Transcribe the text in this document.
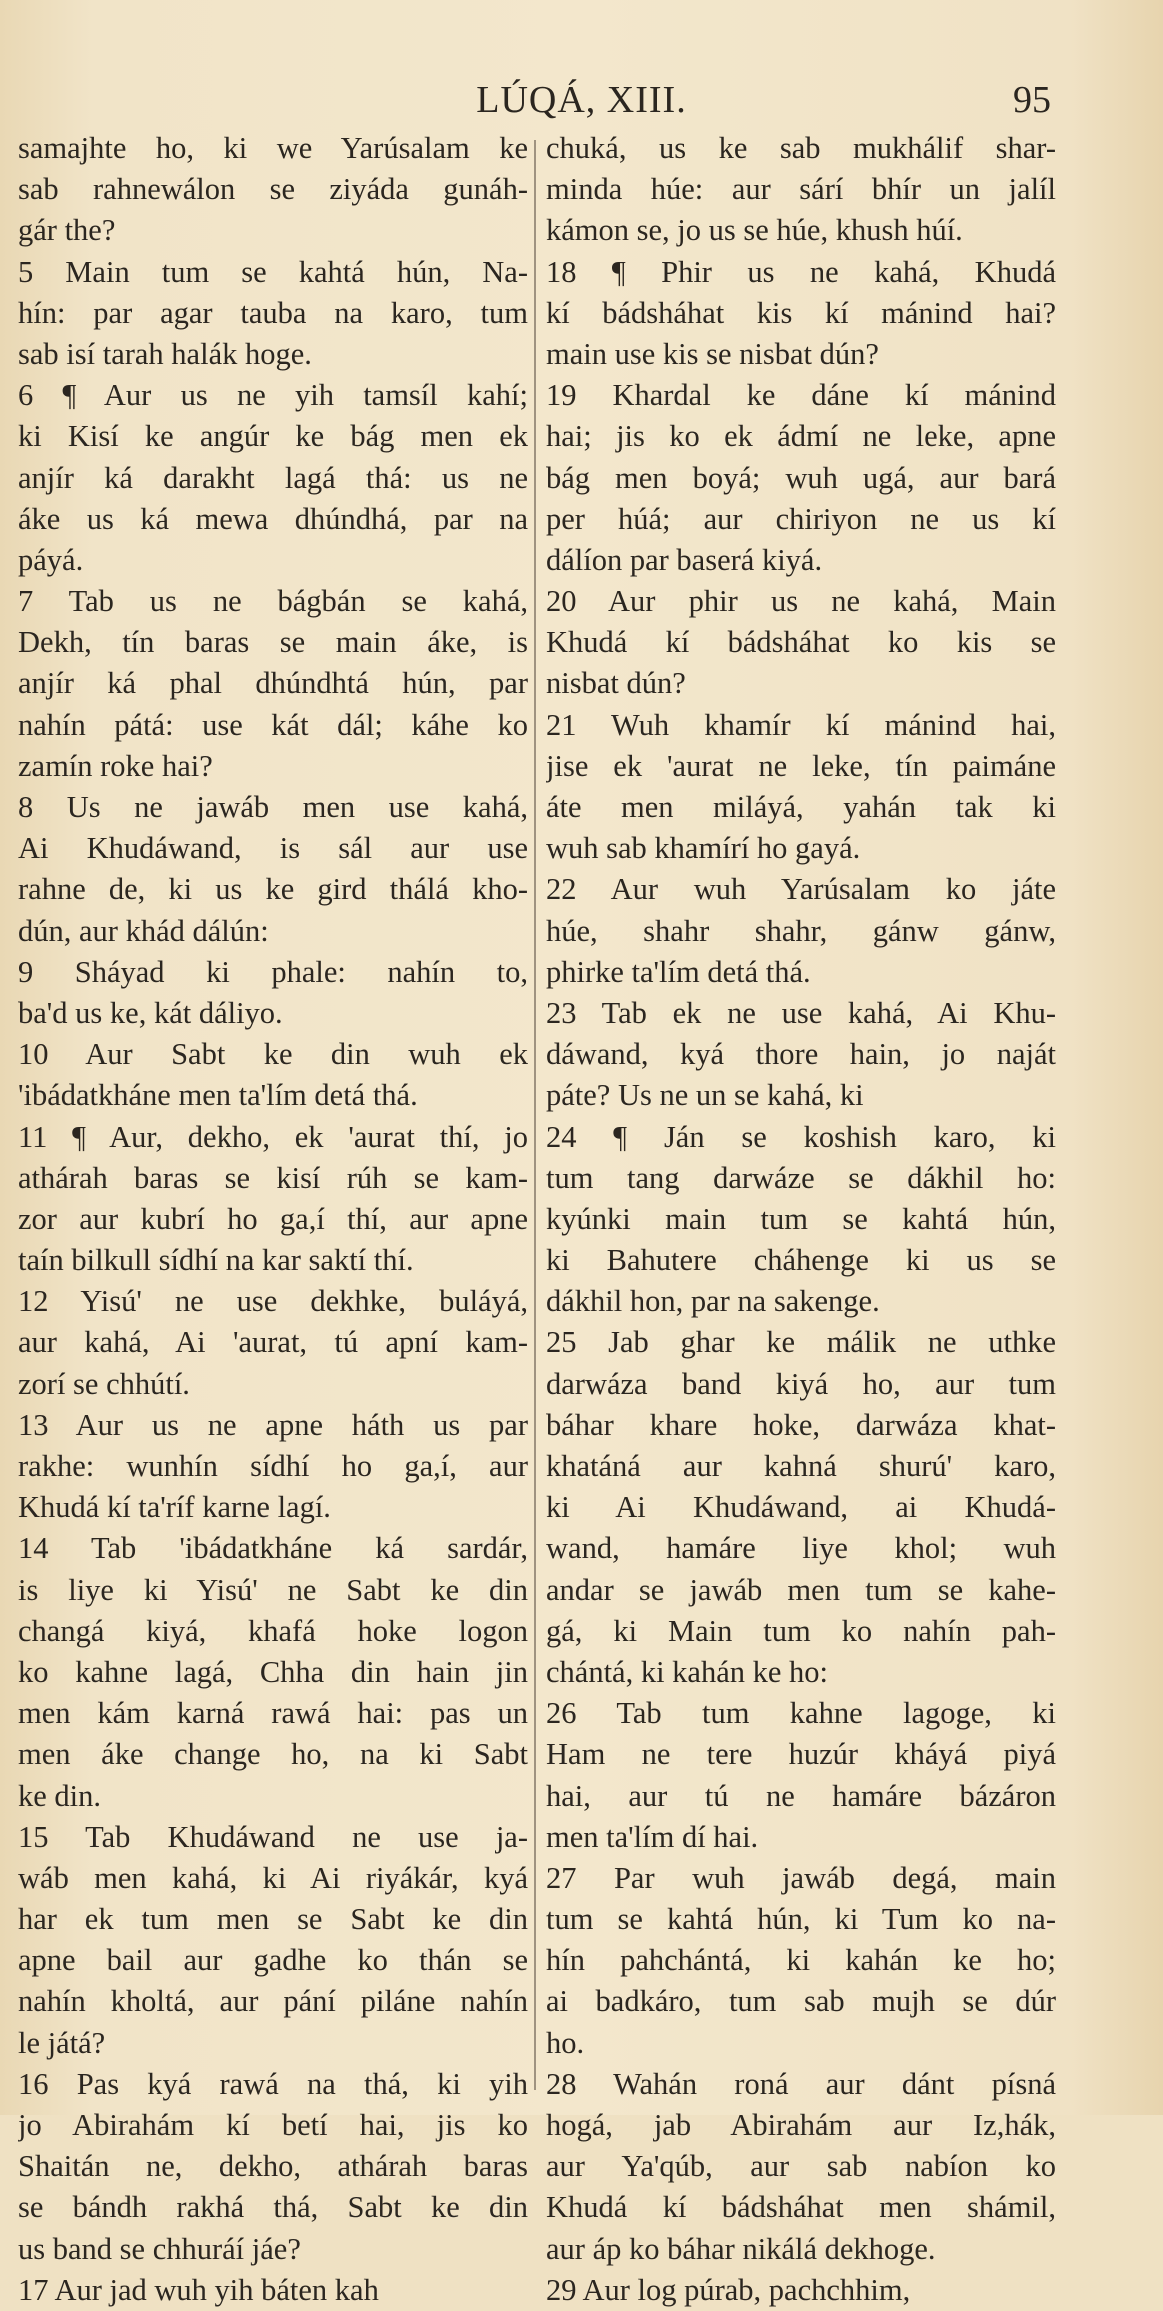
LÚQÁ, XIII.	95
samajhte ho, ki we Yarúsalam ke
sab rahnewálon se ziyáda gunáh-
gár the?
5 Main tum se kahtá hún, Na-
hín: par agar tauba na karo, tum
sab isí tarah halák hoge.
6 ¶ Aur us ne yih tamsíl kahí;
ki Kisí ke angúr ke bág men ek
anjír ká darakht lagá thá: us ne
áke us ká mewa dhúndhá, par na
páyá.
7 Tab us ne bágbán se kahá,
Dekh, tín baras se main áke, is
anjír ká phal dhúndhtá hún, par
nahín pátá: use kát dál; káhe ko
zamín roke hai?
8 Us ne jawáb men use kahá,
Ai Khudáwand, is sál aur use
rahne de, ki us ke gird thálá kho-
dún, aur khád dálún:
9 Sháyad ki phale: nahín to,
ba'd us ke, kát dáliyo.
10 Aur Sabt ke din wuh ek
'ibádatkháne men ta'lím detá thá.
11 ¶ Aur, dekho, ek 'aurat thí, jo
athárah baras se kisí rúh se kam-
zor aur kubrí ho ga,í thí, aur apne
taín bilkull sídhí na kar saktí thí.
12 Yisú' ne use dekhke, buláyá,
aur kahá, Ai 'aurat, tú apní kam-
zorí se chhútí.
13 Aur us ne apne háth us par
rakhe: wunhín sídhí ho ga,í, aur
Khudá kí ta'ríf karne lagí.
14 Tab 'ibádatkháne ká sardár,
is liye ki Yisú' ne Sabt ke din
changá kiyá, khafá hoke logon
ko kahne lagá, Chha din hain jin
men kám karná rawá hai: pas un
men áke change ho, na ki Sabt
ke din.
15 Tab Khudáwand ne use ja-
wáb men kahá, ki Ai riyákár, kyá
har ek tum men se Sabt ke din
apne bail aur gadhe ko thán se
nahín kholtá, aur pání piláne nahín
le játá?
16 Pas kyá rawá na thá, ki yih
jo Abirahám kí betí hai, jis ko
Shaitán ne, dekho, athárah baras
se bándh rakhá thá, Sabt ke din
us band se chhuráí jáe?
17 Aur jad wuh yih báten kah
chuká, us ke sab mukhálif shar-
minda húe: aur sárí bhír un jalíl
kámon se, jo us se húe, khush húí.
18 ¶ Phir us ne kahá, Khudá
kí bádsháhat kis kí mánind hai?
main use kis se nisbat dún?
19 Khardal ke dáne kí mánind
hai; jis ko ek ádmí ne leke, apne
bág men boyá; wuh ugá, aur bará
per húá; aur chiriyon ne us kí
dálíon par baserá kiyá.
20 Aur phir us ne kahá, Main
Khudá kí bádsháhat ko kis se
nisbat dún?
21 Wuh khamír kí mánind hai,
jise ek 'aurat ne leke, tín paimáne
áte men miláyá, yahán tak ki
wuh sab khamírí ho gayá.
22 Aur wuh Yarúsalam ko játe
húe, shahr shahr, gánw gánw,
phirke ta'lím detá thá.
23 Tab ek ne use kahá, Ai Khu-
dáwand, kyá thore hain, jo naját
páte? Us ne un se kahá, ki
24 ¶ Ján se koshish karo, ki
tum tang darwáze se dákhil ho:
kyúnki main tum se kahtá hún,
ki Bahutere cháhenge ki us se
dákhil hon, par na sakenge.
25 Jab ghar ke málik ne uthke
darwáza band kiyá ho, aur tum
báhar khare hoke, darwáza khat-
khatáná aur kahná shurú' karo,
ki Ai Khudáwand, ai Khudá-
wand, hamáre liye khol; wuh
andar se jawáb men tum se kahe-
gá, ki Main tum ko nahín pah-
chántá, ki kahán ke ho:
26 Tab tum kahne lagoge, ki
Ham ne tere huzúr kháyá piyá
hai, aur tú ne hamáre bázáron
men ta'lím dí hai.
27 Par wuh jawáb degá, main
tum se kahtá hún, ki Tum ko na-
hín pahchántá, ki kahán ke ho;
ai badkáro, tum sab mujh se dúr
ho.
28 Wahán roná aur dánt písná
hogá, jab Abirahám aur Iz,hák,
aur Ya'qúb, aur sab nabíon ko
Khudá kí bádsháhat men shámil,
aur áp ko báhar nikálá dekhoge.
29 Aur log púrab, pachchhim,
